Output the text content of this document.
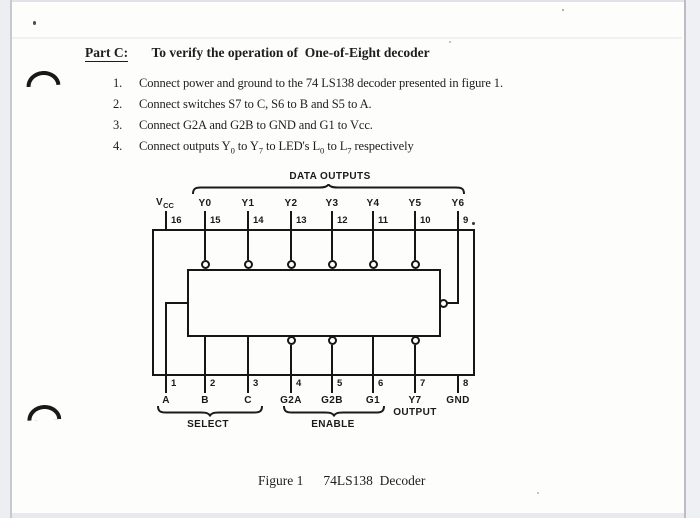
Part C: To verify the operation of  One-of-Eight decoder
1.	Connect power and ground to the 74 LS138 decoder presented in figure 1.
2.	Connect switches S7 to C, S6 to B and S5 to A.
3.	Connect G2A and G2B to GND and G1 to Vcc.
4.	Connect outputs $Y_0$ to $Y_7$ to LED's $L_0$ to $L_7$ respectively
DATA OUTPUTS
$V_{CC}$	Y0	Y1	Y2	Y3	Y4	Y5	Y6
16	15	14	13	12	11	10	9
1	2	3	4	5	6	7	8
A	B	C	G2A	G2B	G1	Y7	GND
OUTPUT
SELECT	ENABLE
Figure 1 74LS138  Decoder
